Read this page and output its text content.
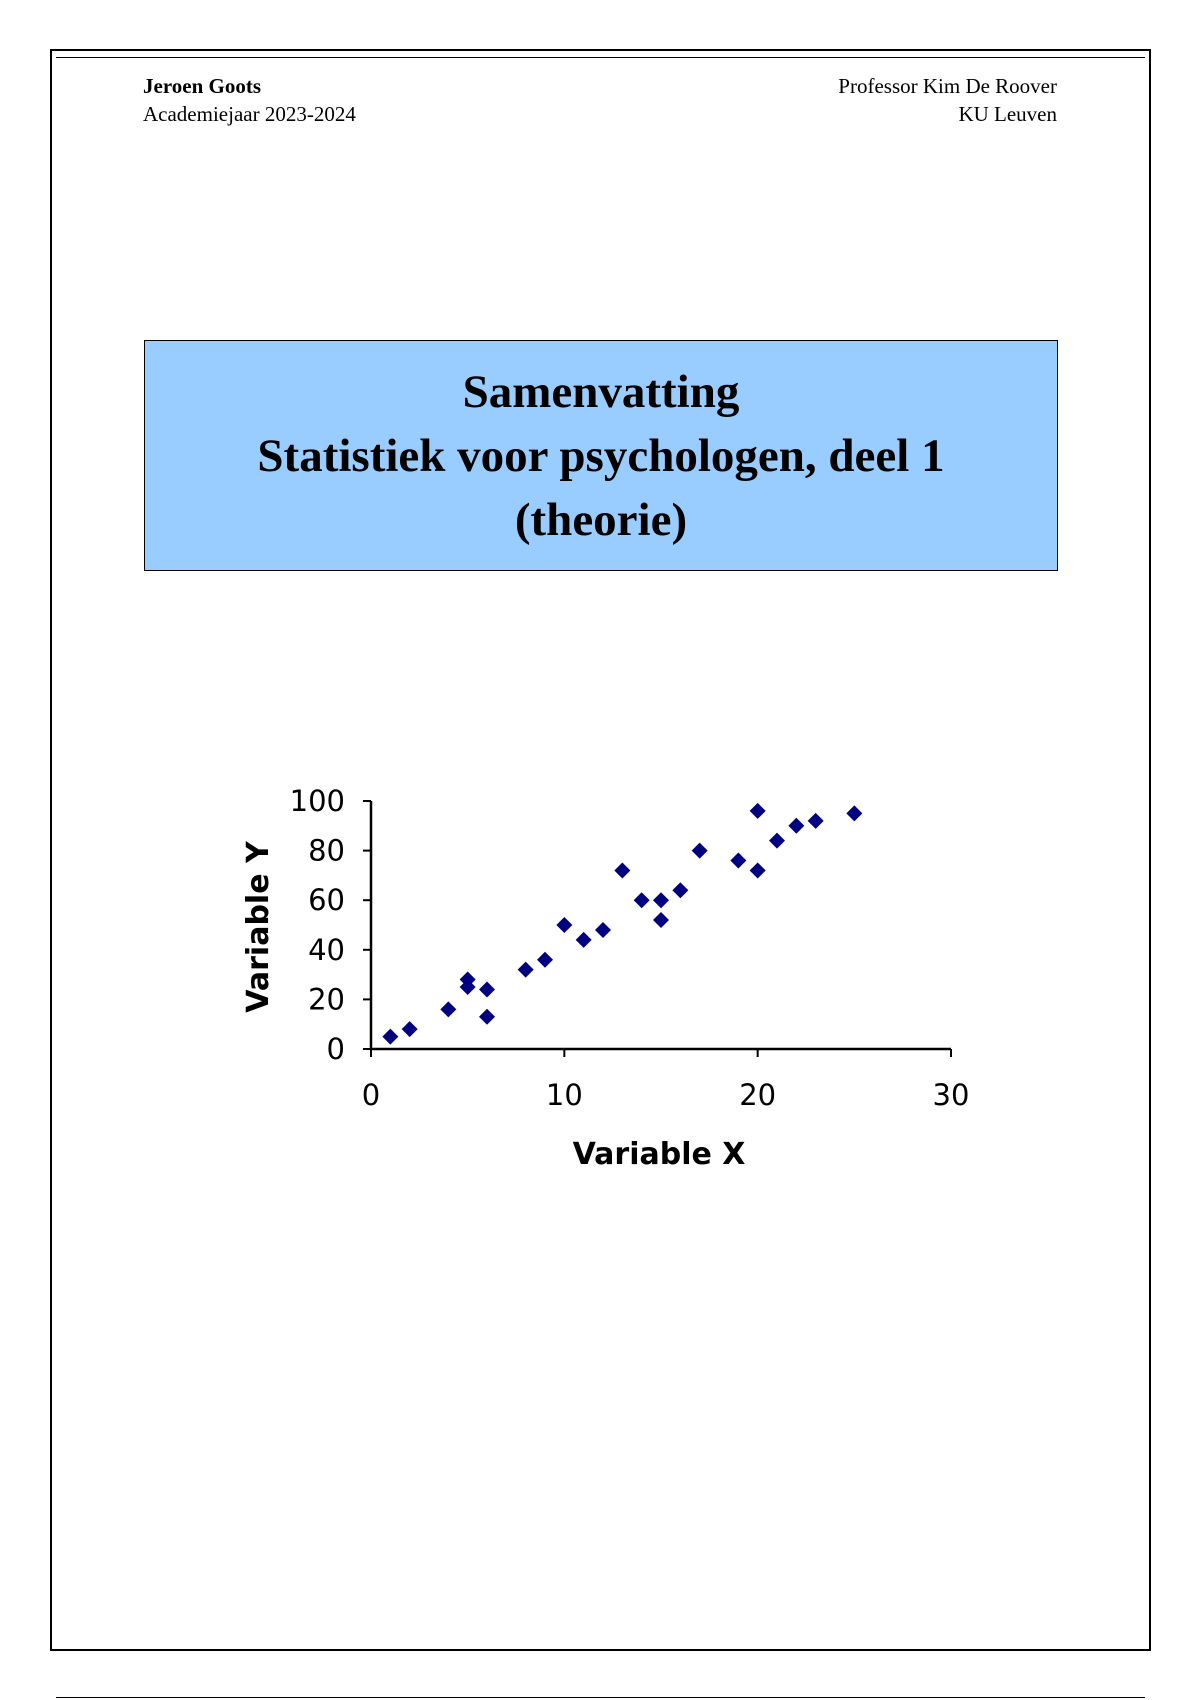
Jeroen Goots
Academiejaar 2023-2024
Professor Kim De Roover
KU Leuven
Samenvatting
Statistiek voor psychologen, deel 1
(theorie)
0	10	20	30
0
20
40
60
80
100
Variable X
Variable Y
